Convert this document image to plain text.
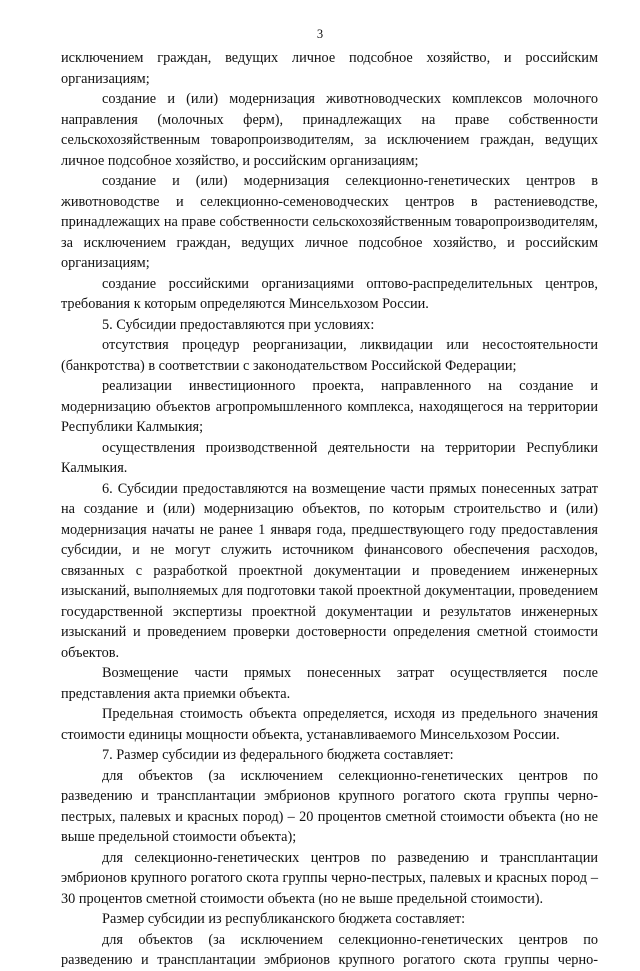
3

исключением граждан, ведущих личное подсобное хозяйство, и российским организациям;

создание и (или) модернизация животноводческих комплексов молочного направления (молочных ферм), принадлежащих на праве собственности сельскохозяйственным товаропроизводителям, за исключением граждан, ведущих личное подсобное хозяйство, и российским организациям;

создание и (или) модернизация селекционно-генетических центров в животноводстве и селекционно-семеноводческих центров в растениеводстве, принадлежащих на праве собственности сельскохозяйственным товаропроизводителям, за исключением граждан, ведущих личное подсобное хозяйство, и российским организациям;

создание российскими организациями оптово-распределительных центров, требования к которым определяются Минсельхозом России.

5. Субсидии предоставляются при условиях:

отсутствия процедур реорганизации, ликвидации или несостоятельности (банкротства) в соответствии с законодательством Российской Федерации;

реализации инвестиционного проекта, направленного на создание и модернизацию объектов агропромышленного комплекса, находящегося на территории Республики Калмыкия;

осуществления производственной деятельности на территории Республики Калмыкия.

6. Субсидии предоставляются на возмещение части прямых понесенных затрат на создание и (или) модернизацию объектов, по которым строительство и (или) модернизация начаты не ранее 1 января года, предшествующего году предоставления субсидии, и не могут служить источником финансового обеспечения расходов, связанных с разработкой проектной документации и проведением инженерных изысканий, выполняемых для подготовки такой проектной документации, проведением государственной экспертизы проектной документации и результатов инженерных изысканий и проведением проверки достоверности определения сметной стоимости объектов.

Возмещение части прямых понесенных затрат осуществляется после представления акта приемки объекта.

Предельная стоимость объекта определяется, исходя из предельного значения стоимости единицы мощности объекта, устанавливаемого Минсельхозом России.

7. Размер субсидии из федерального бюджета составляет:

для объектов (за исключением селекционно-генетических центров по разведению и трансплантации эмбрионов крупного рогатого скота группы черно-пестрых, палевых и красных пород) – 20 процентов сметной стоимости объекта (но не выше предельной стоимости объекта);

для селекционно-генетических центров по разведению и трансплантации эмбрионов крупного рогатого скота группы черно-пестрых, палевых и красных пород – 30 процентов сметной стоимости объекта (но не выше предельной стоимости).

Размер субсидии из республиканского бюджета составляет:

для объектов (за исключением селекционно-генетических центров по разведению и трансплантации эмбрионов крупного рогатого скота группы черно-
